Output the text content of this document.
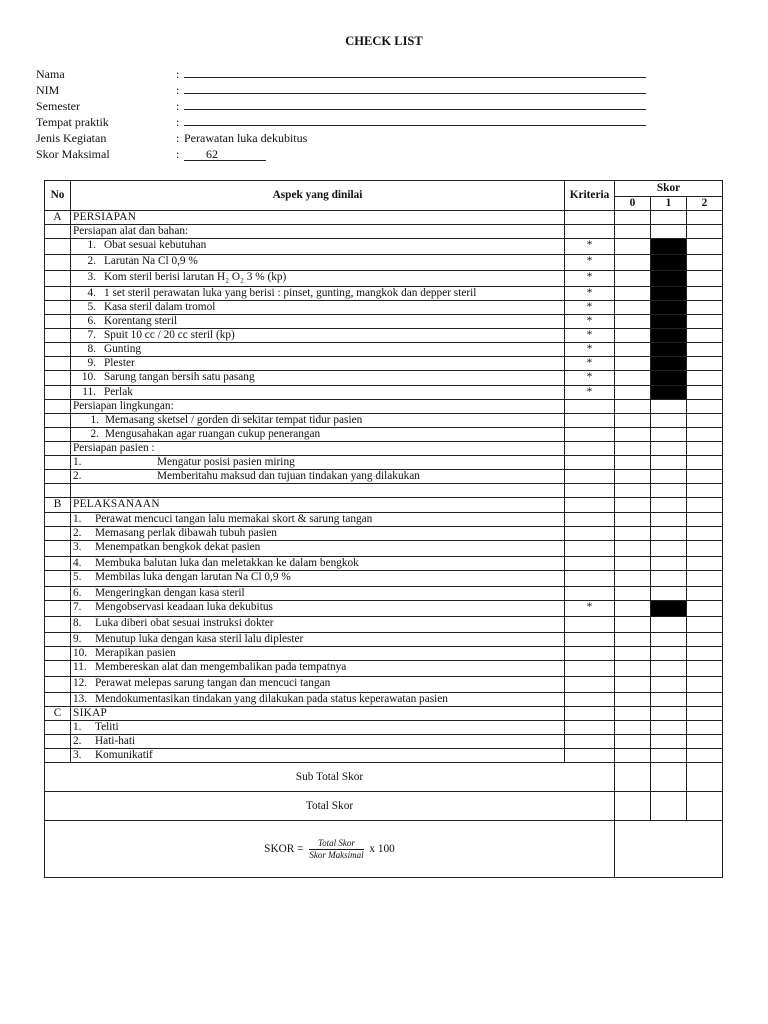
CHECK LIST
Nama	:
NIM	:
Semester	:
Tempat praktik	:
Jenis Kegiatan	: Perawatan luka dekubitus
Skor Maksimal	:	62
No	Aspek yang dinilai	Kriteria	Skor		
			0	1	2
A	PERSIAPAN				
	Persiapan alat dan bahan:				
	1. Obat sesuai kebutuhan	*			
	2. Larutan Na Cl 0,9 %	*			
	3. Kom steril berisi larutan H₂ O₂ 3 % (kp)	*			
	4. 1 set steril perawatan luka yang berisi : pinset, gunting, mangkok dan depper steril	*			
	5. Kasa steril dalam tromol	*			
	6. Korentang steril	*			
	7. Spuit 10 cc / 20 cc steril (kp)	*			
	8. Gunting	*			
	9. Plester	*			
	10. Sarung tangan bersih satu pasang	*			
	11. Perlak	*			
	Persiapan lingkungan:				
	1. Memasang sketsel / gorden di sekitar tempat tidur pasien				
	2. Mengusahakan agar ruangan cukup penerangan				
	Persiapan pasien :				
	1. Mengatur posisi pasien miring				
	2. Memberitahu maksud dan tujuan tindakan yang dilakukan				

B	PELAKSANAAN				
	1. Perawat mencuci tangan lalu memakai skort & sarung tangan				
	2. Memasang perlak dibawah tubuh pasien				
	3. Menempatkan bengkok dekat pasien				
	4. Membuka balutan luka dan meletakkan ke dalam bengkok				
	5. Membilas luka dengan larutan Na Cl 0,9 %				
	6. Mengeringkan dengan kasa steril				
	7. Mengobservasi keadaan luka dekubitus	*			
	8. Luka diberi obat sesuai instruksi dokter				
	9. Menutup luka dengan kasa steril lalu diplester				
	10. Merapikan pasien				
	11. Membereskan alat dan mengembalikan pada tempatnya				
	12. Perawat melepas sarung tangan dan mencuci tangan				
	13. Mendokumentasikan tindakan yang dilakukan pada status keperawatan pasien				
C	SIKAP				
	1. Teliti				
	2. Hati-hati				
	3. Komunikatif				
Sub Total Skor					
Total Skor					
SKOR = $\frac{\text{Total Skor}}{\text{Skor Maksimal}}$ x 100					
